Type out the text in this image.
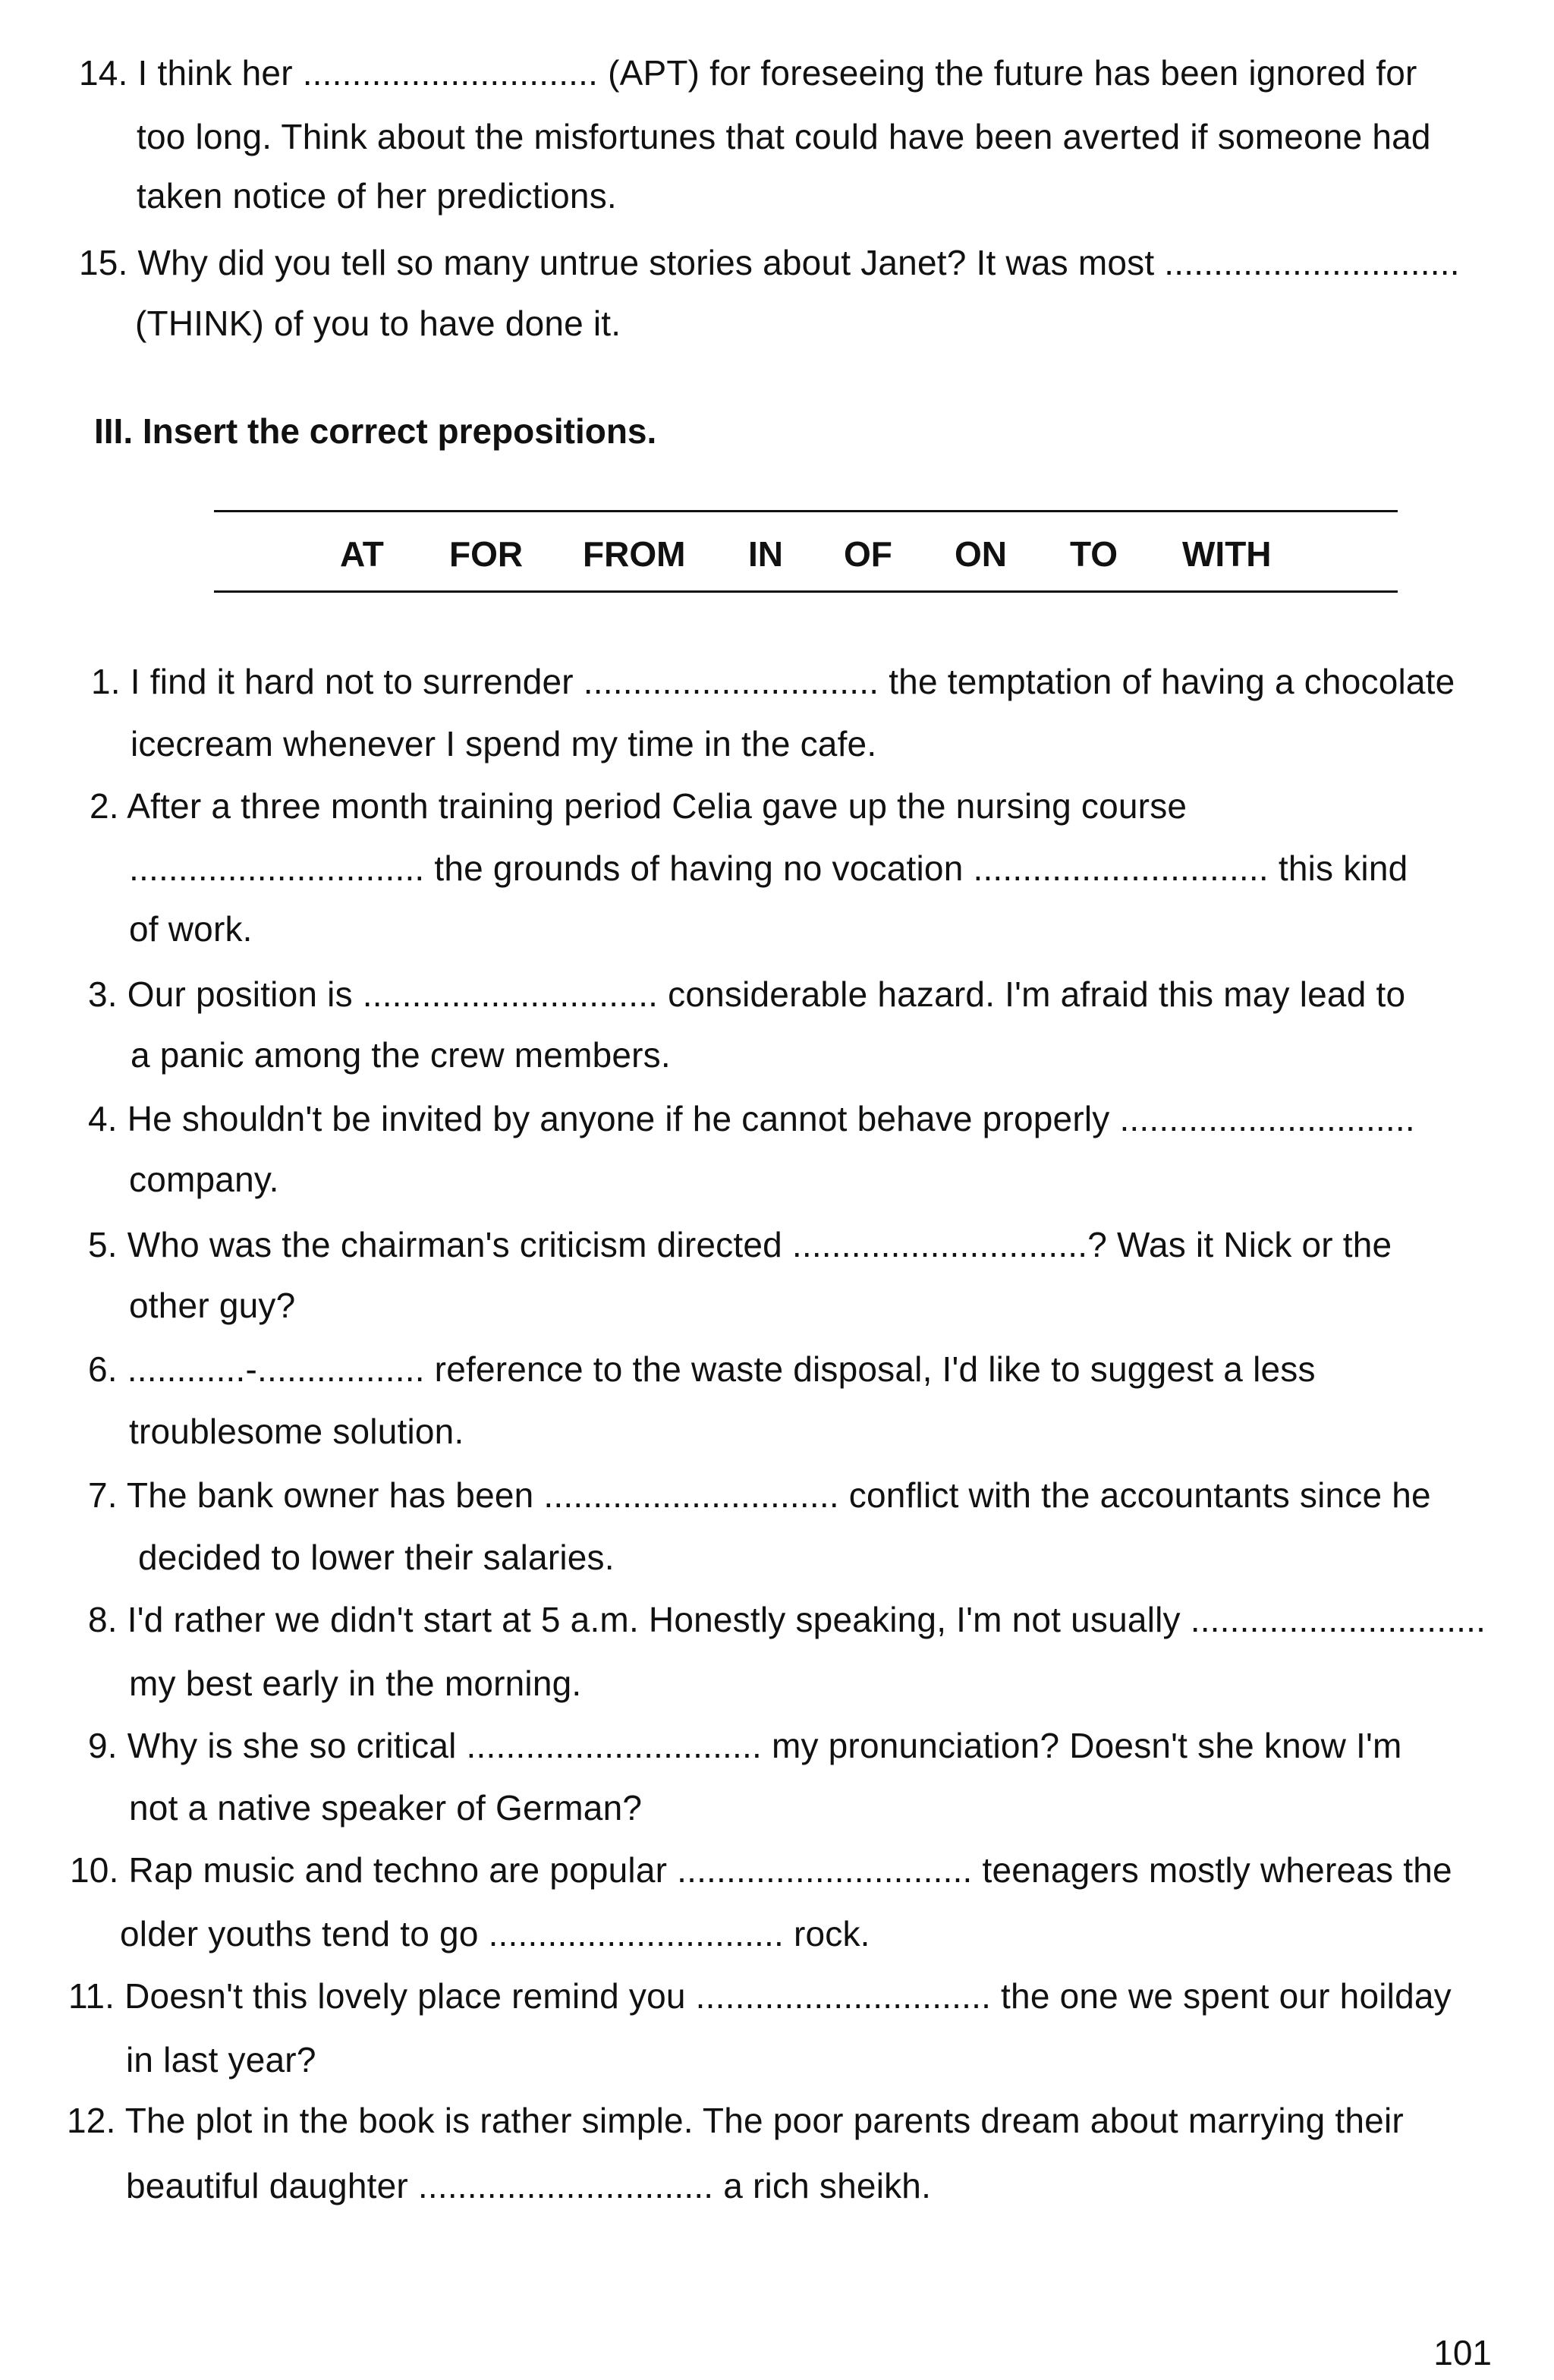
14. I think her .............................. (APT) for foreseeing the future has been ignored for
too long. Think about the misfortunes that could have been averted if someone had
taken notice of her predictions.
15. Why did you tell so many untrue stories about Janet? It was most ..............................
(THINK) of you to have done it.
III. Insert the correct prepositions.
AT FOR FROM IN OF ON TO WITH
1. I find it hard not to surrender .............................. the temptation of having a chocolate
icecream whenever I spend my time in the cafe.
2. After a three month training period Celia gave up the nursing course
.............................. the grounds of having no vocation .............................. this kind
of work.
3. Our position is .............................. considerable hazard. I'm afraid this may lead to
a panic among the crew members.
4. He shouldn't be invited by anyone if he cannot behave properly ..............................
company.
5. Who was the chairman's criticism directed ..............................? Was it Nick or the
other guy?
6. ............-................. reference to the waste disposal, I'd like to suggest a less
troublesome solution.
7. The bank owner has been .............................. conflict with the accountants since he
decided to lower their salaries.
8. I'd rather we didn't start at 5 a.m. Honestly speaking, I'm not usually ..............................
my best early in the morning.
9. Why is she so critical .............................. my pronunciation? Doesn't she know I'm
not a native speaker of German?
10. Rap music and techno are popular .............................. teenagers mostly whereas the
older youths tend to go .............................. rock.
11. Doesn't this lovely place remind you .............................. the one we spent our hoilday
in last year?
12. The plot in the book is rather simple. The poor parents dream about marrying their
beautiful daughter .............................. a rich sheikh.
101
